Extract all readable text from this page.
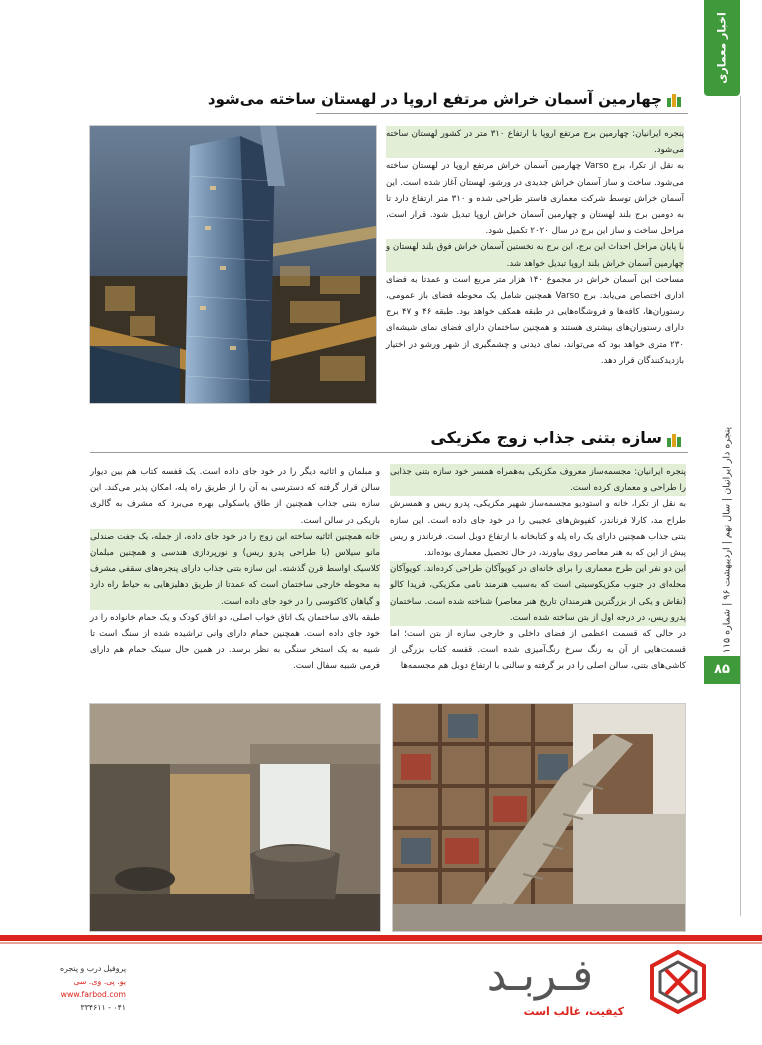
اخبار معماری
پنجره دار ایرانیان | سال نهم | اردیبهشت ۹۶ | شماره ۱۱۵
۸۵
چهارمین آسمان خراش مرتفع اروپا در لهستان ساخته می‌شود

پنجره ایرانیان: چهارمین برج مرتفع اروپا با ارتفاع ۳۱۰ متر در کشور لهستان ساخته می‌شود.

به نقل از تکرا، برج Varso چهارمین آسمان خراش مرتفع اروپا در لهستان ساخته می‌شود. ساخت و ساز آسمان خراش جدیدی در ورشو، لهستان آغاز شده است. این آسمان خراش توسط شرکت معماری فاستر طراحی شده و ۳۱۰ متر ارتفاع دارد تا به دومین برج بلند لهستان و چهارمین آسمان خراش اروپا تبدیل شود. قرار است، مراحل ساخت و ساز این برج در سال ۲۰۲۰ تکمیل شود.

با پایان مراحل احداث این برج، این برج به نخستین آسمان خراش فوق بلند لهستان و چهارمین آسمان خراش بلند اروپا تبدیل خواهد شد.

مساحت این آسمان خراش در مجموع ۱۴۰ هزار متر مربع است و عمدتا به فضای اداری اختصاص می‌یابد. برج Varso همچنین شامل یک محوطه فضای باز عمومی، رستوران‌ها، کافه‌ها و فروشگاه‌هایی در طبقه همکف خواهد بود. طبقه ۴۶ و ۴۷ برج دارای رستوران‌های بیشتری هستند و همچنین ساختمان دارای فضای نمای شیشه‌ای ۲۳۰ متری خواهد بود که می‌تواند، نمای دیدنی و چشمگیری از شهر ورشو در اختیار بازدیدکنندگان قرار دهد.

سازه بتنی جذاب زوج مکزیکی

پنجره ایرانیان: مجسمه‌ساز معروف مکزیکی به‌همراه همسر خود سازه بتنی جذابی را طراحی و معماری کرده است.

به نقل از تکرا، خانه و استودیو مجسمه‌ساز شهیر مکزیکی، پدرو ریس و همسرش طراح مد، کارلا فرناندز، کفپوش‌های عجیبی را در خود جای داده است. این سازه بتنی جذاب همچنین دارای یک راه پله و کتابخانه با ارتفاع دوبل است. فرناندز و ریس پیش از این که به هنر معاصر روی بیاورند، در حال تحصیل معماری بوده‌اند.

این دو نفر این طرح معماری را برای خانه‌ای در کویوآکان طراحی کرده‌اند. کویوآکان محله‌ای در جنوب مکزیکوسیتی است که به‌سبب هنرمند نامی مکزیکی، فریدا کالو (نقاش و یکی از بزرگترین هنرمندان تاریخ هنر معاصر) شناخته شده است. ساختمان پدرو ریس، در درجه اول از بتن ساخته شده است.

در حالی که قسمت اعظمی از فضای داخلی و خارجی سازه از بتن است؛ اما قسمت‌هایی از آن به رنگ سرخ رنگ‌آمیزی شده است. قفسه کتاب بزرگی از کاشی‌های بتنی، سالن اصلی را در بر گرفته و سالنی با ارتفاع دوبل هم مجسمه‌ها

و مبلمان و اثاثیه دیگر را در خود جای داده است. یک قفسه کتاب هم بین دیوار سالن قرار گرفته که دسترسی به آن را از طریق راه پله، امکان پذیر می‌کند. این سازه بتنی جذاب همچنین از طاق یاسکولی بهره می‌برد که مشرف به گالری باریکی در سالن است.

خانه همچنین اثاثیه ساخته این زوج را در خود جای داده، از جمله، یک جفت صندلی مانو سیلاس (با طراحی پدرو ریس) و نورپردازی هندسی و همچنین مبلمان کلاسیک اواسط قرن گذشته. این سازه بتنی جذاب دارای پنجره‌های سقفی مشرف به محوطه خارجی ساختمان است که عمدتا از طریق دهلیزهایی به حیاط راه دارد و گیاهان کاکتوسی را در خود جای داده است.

طبقه بالای ساختمان یک اتاق خواب اصلی، دو اتاق کودک و یک حمام خانواده را در خود جای داده است. همچنین حمام دارای وانی تراشیده شده از سنگ است تا شبیه به یک استخر سنگی به نظر برسد. در همین حال سینک حمام هم دارای فرمی شبیه سفال است.

فـربـد
کیفیت، غالب است
پروفیل درب و پنجره
یو. پی. وی. سی
www.farbod.com
۰۴۱ - ۳۳۴۶۱۱
